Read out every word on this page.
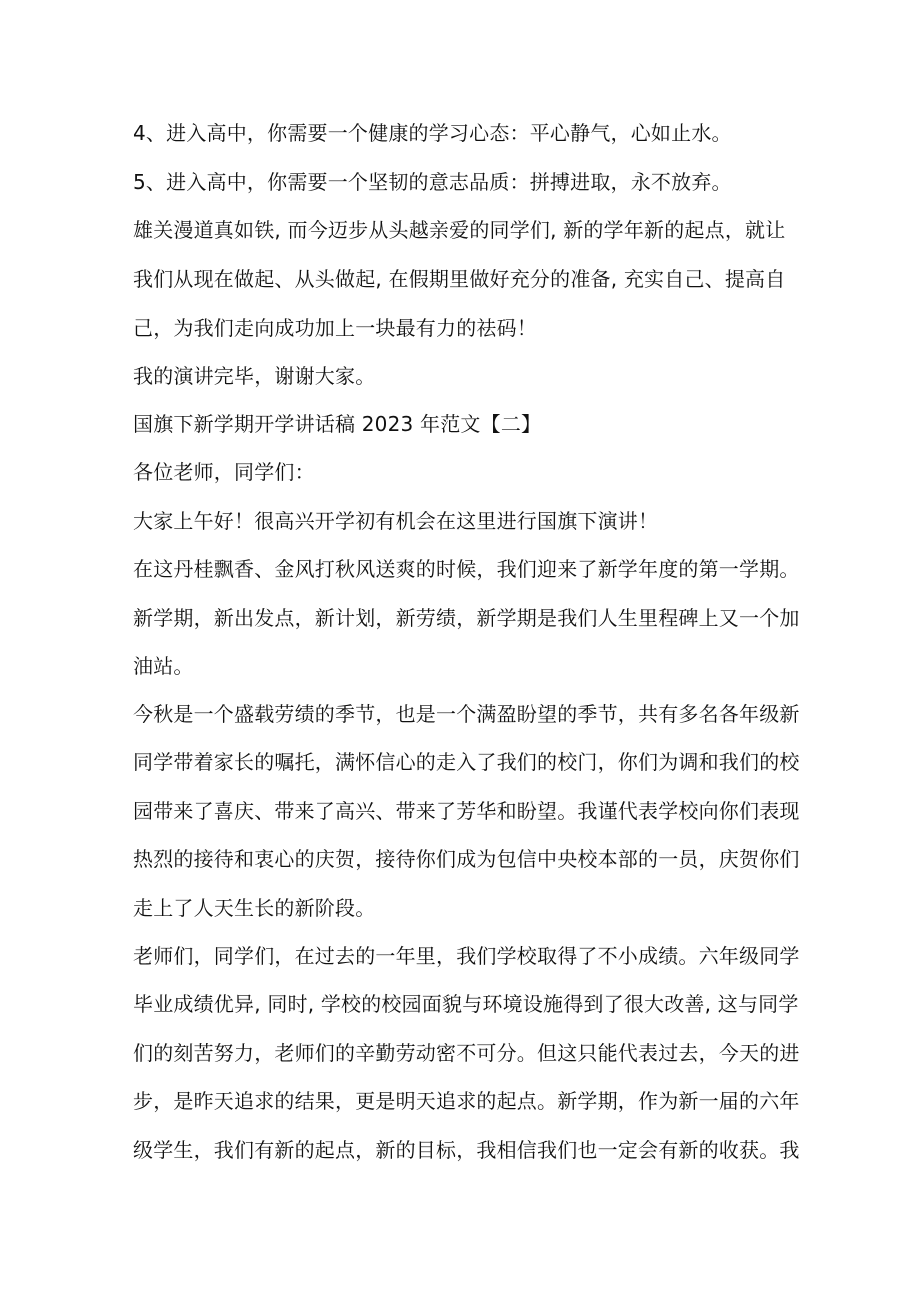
4、进入高中，你需要一个健康的学习心态：平心静气，心如止水。

5、进入高中，你需要一个坚韧的意志品质：拼搏进取，永不放弃。

雄关漫道真如铁, 而今迈步从头越亲爱的同学们, 新的学年新的起点，就让

我们从现在做起、从头做起, 在假期里做好充分的准备, 充实自己、提高自

己，为我们走向成功加上一块最有力的祛码！

我的演讲完毕，谢谢大家。

国旗下新学期开学讲话稿 2023 年范文【二】

各位老师，同学们：

大家上午好！很高兴开学初有机会在这里进行国旗下演讲！

在这丹桂飘香、金风打秋风送爽的时候，我们迎来了新学年度的第一学期。

新学期，新出发点，新计划，新劳绩，新学期是我们人生里程碑上又一个加

油站。

今秋是一个盛载劳绩的季节，也是一个满盈盼望的季节，共有多名各年级新

同学带着家长的嘱托，满怀信心的走入了我们的校门，你们为调和我们的校

园带来了喜庆、带来了高兴、带来了芳华和盼望。我谨代表学校向你们表现

热烈的接待和衷心的庆贺，接待你们成为包信中央校本部的一员，庆贺你们

走上了人天生长的新阶段。

老师们，同学们，在过去的一年里，我们学校取得了不小成绩。六年级同学

毕业成绩优异, 同时, 学校的校园面貌与环境设施得到了很大改善, 这与同学

们的刻苦努力，老师们的辛勤劳动密不可分。但这只能代表过去，今天的进

步，是昨天追求的结果，更是明天追求的起点。新学期，作为新一届的六年

级学生，我们有新的起点，新的目标，我相信我们也一定会有新的收获。我
